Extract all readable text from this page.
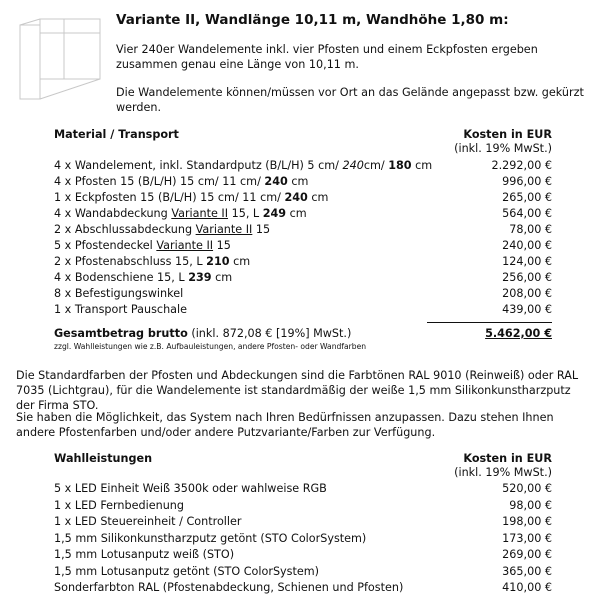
Variante II, Wandlänge 10,11 m, Wandhöhe 1,80 m:

Vier 240er Wandelemente inkl. vier Pfosten und einem Eckpfosten ergeben zusammen genau eine Länge von 10,11 m.

Die Wandelemente können/müssen vor Ort an das Gelände angepasst bzw. gekürzt werden.

Material / Transport	Kosten in EUR
(inkl. 19% MwSt.)
4 x Wandelement, inkl. Standardputz (B/L/H) 5 cm/ 240cm/ 180 cm	2.292,00 €
4 x Pfosten 15 (B/L/H) 15 cm/ 11 cm/ 240 cm	996,00 €
1 x Eckpfosten 15 (B/L/H) 15 cm/ 11 cm/ 240 cm	265,00 €
4 x Wandabdeckung Variante II 15, L 249 cm	564,00 €
2 x Abschlussabdeckung Variante II 15	78,00 €
5 x Pfostendeckel Variante II 15	240,00 €
2 x Pfostenabschluss 15, L 210 cm	124,00 €
4 x Bodenschiene 15, L 239 cm	256,00 €
8 x Befestigungswinkel	208,00 €
1 x Transport Pauschale	439,00 €
Gesamtbetrag brutto (inkl. 872,08 € [19%] MwSt.)	5.462,00 €
zzgl. Wahlleistungen wie z.B. Aufbauleistungen, andere Pfosten- oder Wandfarben
Die Standardfarben der Pfosten und Abdeckungen sind die Farbtönen RAL 9010 (Reinweiß) oder RAL 7035 (Lichtgrau), für die Wandelemente ist standardmäßig der weiße 1,5 mm Silikonkunstharzputz der Firma STO.
Sie haben die Möglichkeit, das System nach Ihren Bedürfnissen anzupassen. Dazu stehen Ihnen andere Pfostenfarben und/oder andere Putzvariante/Farben zur Verfügung.
Wahlleistungen	Kosten in EUR
(inkl. 19% MwSt.)
5 x LED Einheit Weiß 3500k oder wahlweise RGB	520,00 €
1 x LED Fernbedienung	98,00 €
1 x LED Steuereinheit / Controller	198,00 €
1,5 mm Silikonkunstharzputz getönt (STO ColorSystem)	173,00 €
1,5 mm Lotusanputz weiß (STO)	269,00 €
1,5 mm Lotusanputz getönt (STO ColorSystem)	365,00 €
Sonderfarbton RAL (Pfostenabdeckung, Schienen und Pfosten)	410,00 €
